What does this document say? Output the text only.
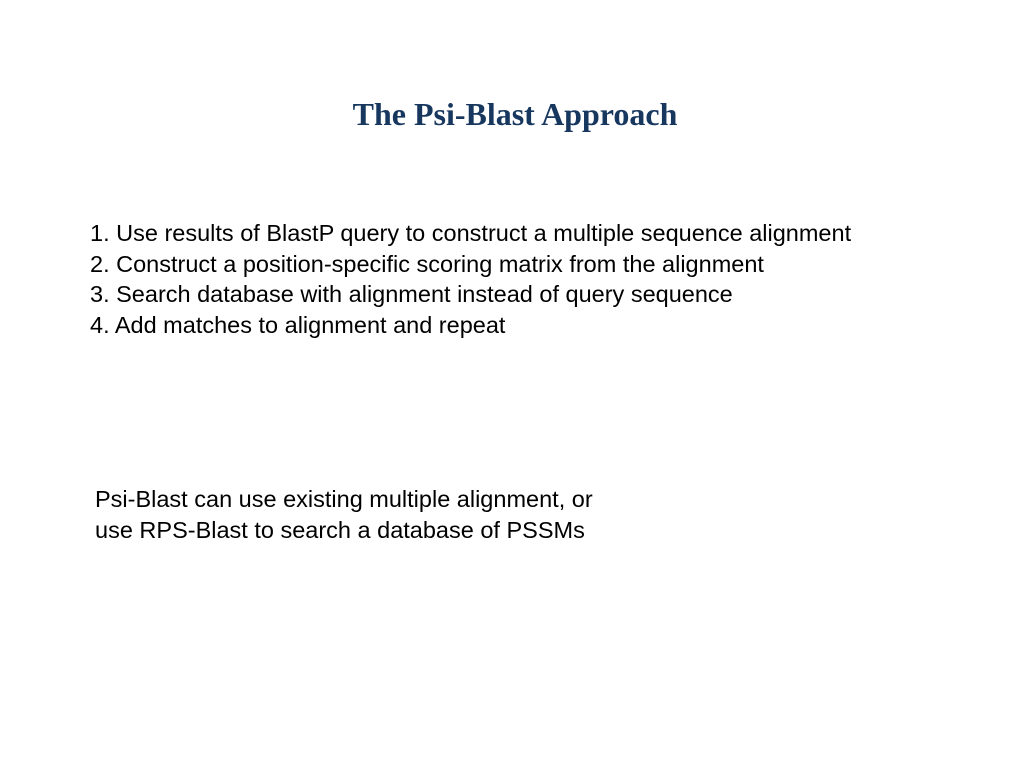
The Psi-Blast Approach
1. Use results of BlastP query to construct a multiple sequence alignment
2. Construct a position-specific scoring matrix from the alignment
3. Search database with alignment instead of query sequence
4. Add matches to alignment and repeat

Psi-Blast can use existing multiple alignment, or
use RPS-Blast to search a database of PSSMs
